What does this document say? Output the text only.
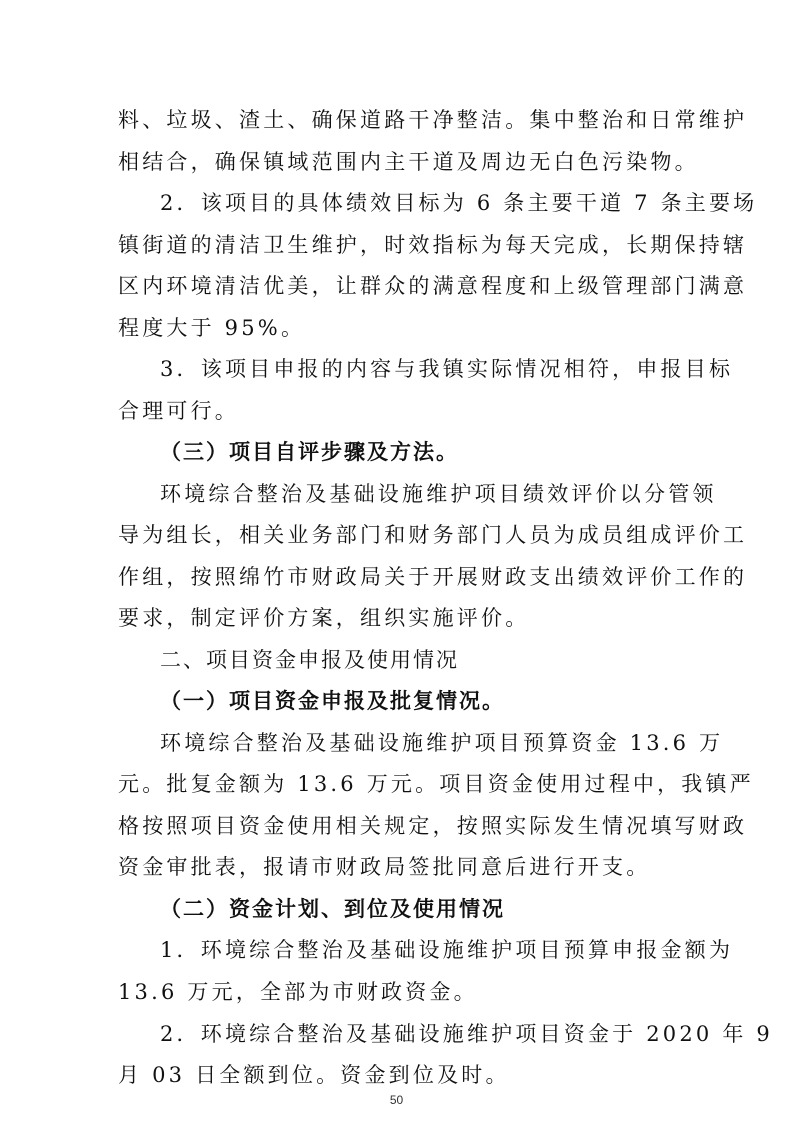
料、垃圾、渣土、确保道路干净整洁。集中整治和日常维护
相结合，确保镇域范围内主干道及周边无白色污染物。
2．该项目的具体绩效目标为 6 条主要干道 7 条主要场
镇街道的清洁卫生维护，时效指标为每天完成，长期保持辖
区内环境清洁优美，让群众的满意程度和上级管理部门满意
程度大于 95%。
3．该项目申报的内容与我镇实际情况相符，申报目标
合理可行。
（三）项目自评步骤及方法。
环境综合整治及基础设施维护项目绩效评价以分管领
导为组长，相关业务部门和财务部门人员为成员组成评价工
作组，按照绵竹市财政局关于开展财政支出绩效评价工作的
要求，制定评价方案，组织实施评价。
二、项目资金申报及使用情况
（一）项目资金申报及批复情况。
环境综合整治及基础设施维护项目预算资金 13.6 万
元。批复金额为 13.6 万元。项目资金使用过程中，我镇严
格按照项目资金使用相关规定，按照实际发生情况填写财政
资金审批表，报请市财政局签批同意后进行开支。
（二）资金计划、到位及使用情况
1．环境综合整治及基础设施维护项目预算申报金额为
13.6 万元，全部为市财政资金。
2．环境综合整治及基础设施维护项目资金于 2020 年 9
月 03 日全额到位。资金到位及时。
50
